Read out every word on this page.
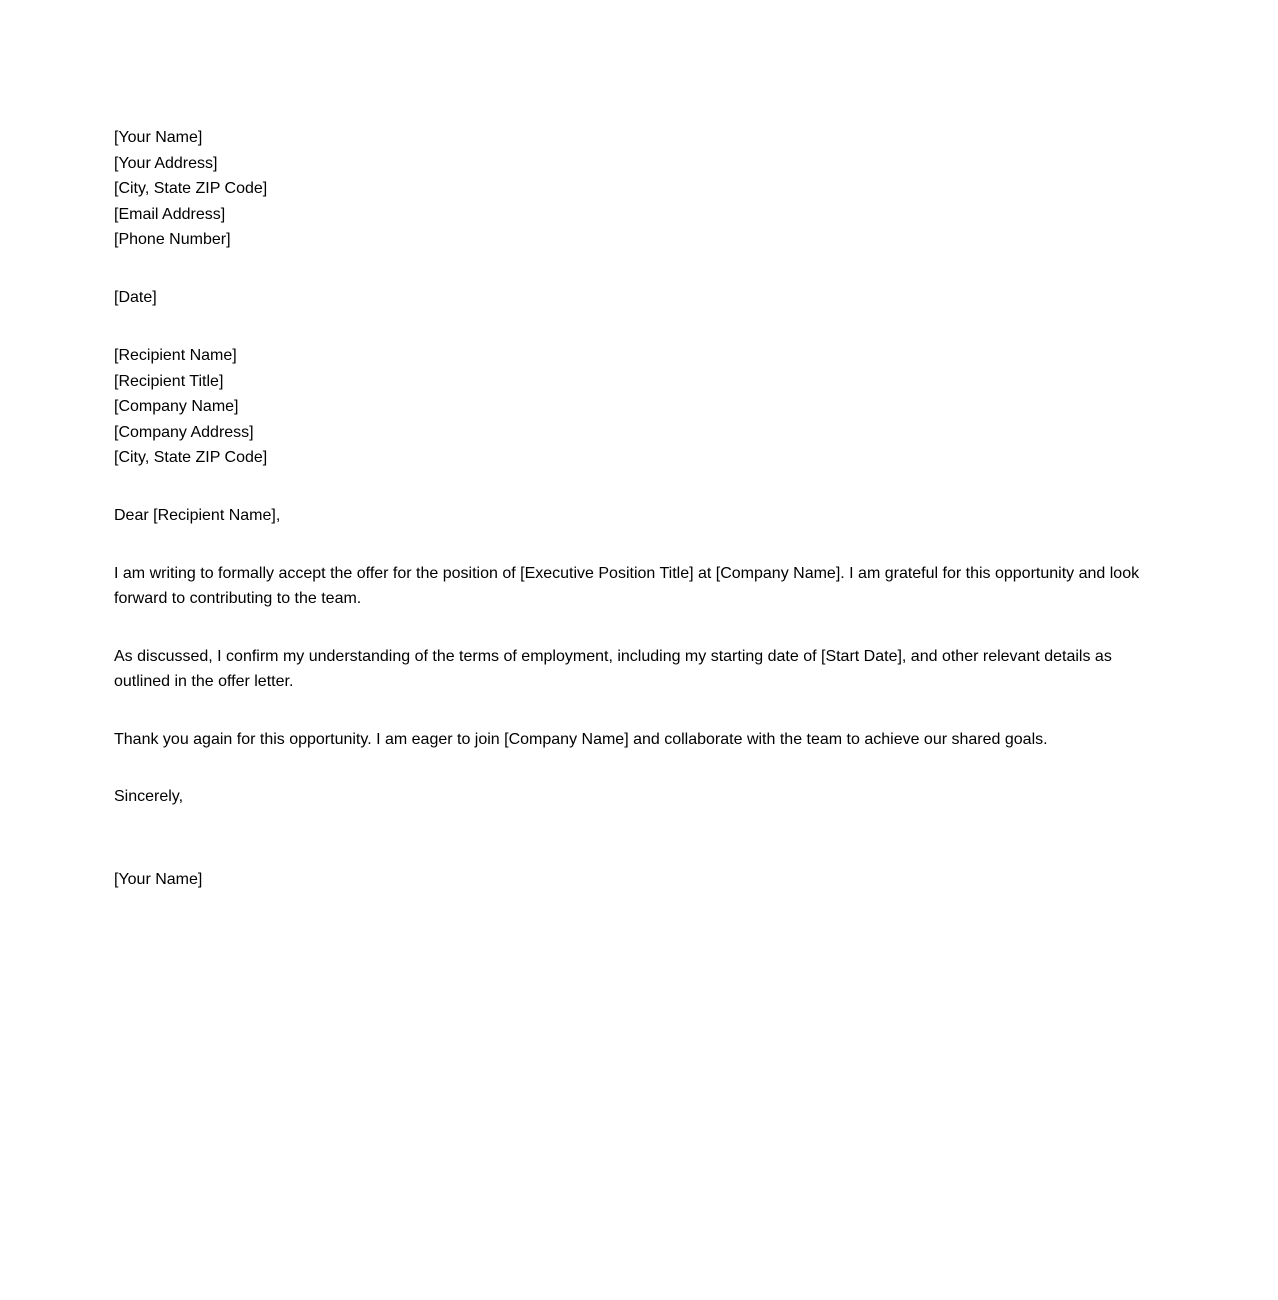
[Your Name]
[Your Address]
[City, State ZIP Code]
[Email Address]
[Phone Number]
[Date]
[Recipient Name]
[Recipient Title]
[Company Name]
[Company Address]
[City, State ZIP Code]

Dear [Recipient Name],

I am writing to formally accept the offer for the position of [Executive Position Title] at [Company Name]. I am grateful for this opportunity and look forward to contributing to the team.

As discussed, I confirm my understanding of the terms of employment, including my starting date of [Start Date], and other relevant details as outlined in the offer letter.

Thank you again for this opportunity. I am eager to join [Company Name] and collaborate with the team to achieve our shared goals.

Sincerely,
[Your Name]
